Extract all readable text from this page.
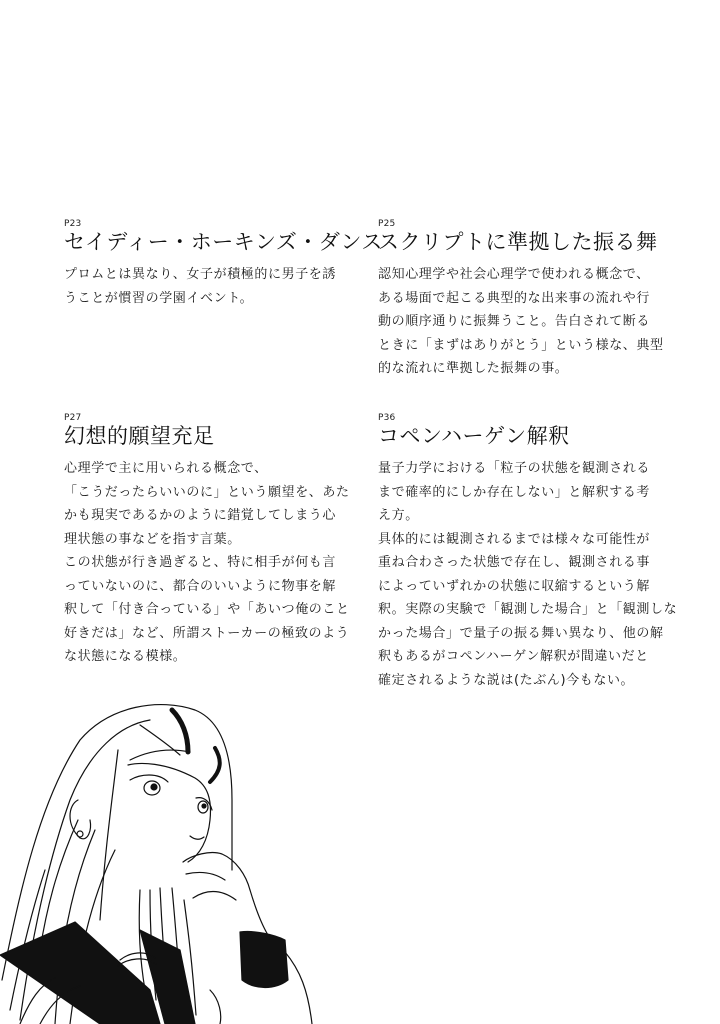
P23
セイディー・ホーキンズ・ダンス

プロムとは異なり、女子が積極的に男子を誘

うことが慣習の学園イベント。

P25
スクリプトに準拠した振る舞

認知心理学や社会心理学で使われる概念で、

ある場面で起こる典型的な出来事の流れや行

動の順序通りに振舞うこと。告白されて断る

ときに「まずはありがとう」という様な、典型

的な流れに準拠した振舞の事。

P27
幻想的願望充足

心理学で主に用いられる概念で、

「こうだったらいいのに」という願望を、あた

かも現実であるかのように錯覚してしまう心

理状態の事などを指す言葉。

この状態が行き過ぎると、特に相手が何も言

っていないのに、都合のいいように物事を解

釈して「付き合っている」や「あいつ俺のこと

好きだは」など、所謂ストーカーの極致のよう

な状態になる模様。

P36
コペンハーゲン解釈

量子力学における「粒子の状態を観測される

まで確率的にしか存在しない」と解釈する考

え方。

具体的には観測されるまでは様々な可能性が

重ね合わさった状態で存在し、観測される事

によっていずれかの状態に収縮するという解

釈。実際の実験で「観測した場合」と「観測しな

かった場合」で量子の振る舞い異なり、他の解

釈もあるがコペンハーゲン解釈が間違いだと

確定されるような説は(たぶん)今もない。
